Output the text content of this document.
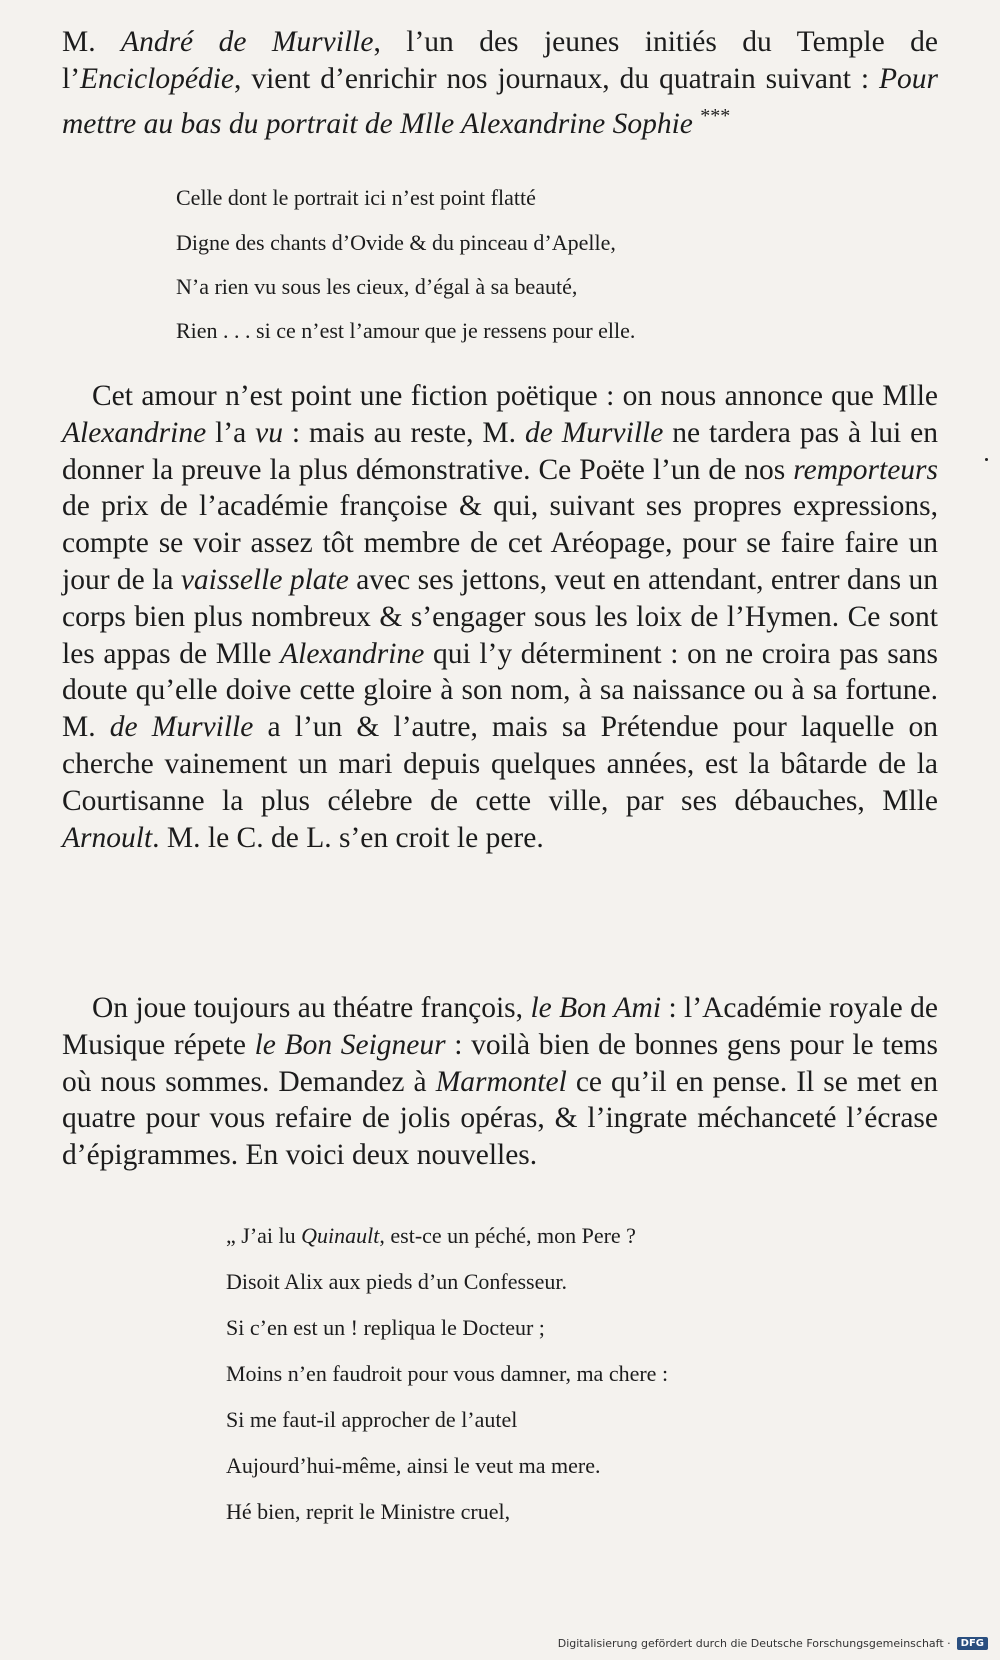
M. André de Murville, l’un des jeunes initiés du Temple de l’Enciclopédie, vient d’enrichir nos journaux, du quatrain suivant : Pour mettre au bas du portrait de Mlle Alexandrine Sophie ***

Celle dont le portrait ici n’est point flatté
Digne des chants d’Ovide & du pinceau d’Apelle,
N’a rien vu sous les cieux, d’égal à sa beauté,
Rien . . . si ce n’est l’amour que je ressens pour elle.

Cet amour n’est point une fiction poëtique : on nous annonce que Mlle Alexandrine l’a vu : mais au reste, M. de Murville ne tardera pas à lui en donner la preuve la plus démonstrative. Ce Poëte l’un de nos remporteurs de prix de l’académie françoise & qui, suivant ses propres expressions, compte se voir assez tôt membre de cet Aréopage, pour se faire faire un jour de la vaisselle plate avec ses jettons, veut en attendant, entrer dans un corps bien plus nombreux & s’engager sous les loix de l’Hymen. Ce sont les appas de Mlle Alexandrine qui l’y déterminent : on ne croira pas sans doute qu’elle doive cette gloire à son nom, à sa naissance ou à sa fortune. M. de Murville a l’un & l’autre, mais sa Prétendue pour laquelle on cherche vainement un mari depuis quelques années, est la bâtarde de la Courtisanne la plus célebre de cette ville, par ses débauches, Mlle Arnoult. M. le C. de L. s’en croit le pere.

On joue toujours au théatre françois, le Bon Ami : l’Académie royale de Musique répete le Bon Seigneur : voilà bien de bonnes gens pour le tems où nous sommes. Demandez à Marmontel ce qu’il en pense. Il se met en quatre pour vous refaire de jolis opéras, & l’ingrate méchanceté l’écrase d’épigrammes. En voici deux nouvelles.

„ J’ai lu Quinault, est-ce un péché, mon Pere ?
Disoit Alix aux pieds d’un Confesseur.
Si c’en est un ! repliqua le Docteur ;
Moins n’en faudroit pour vous damner, ma chere :
Si me faut-il approcher de l’autel
Aujourd’hui-même, ainsi le veut ma mere.
Hé bien, reprit le Ministre cruel,
Digitalisierung gefördert durch die Deutsche Forschungsgemeinschaft ·	DFG
